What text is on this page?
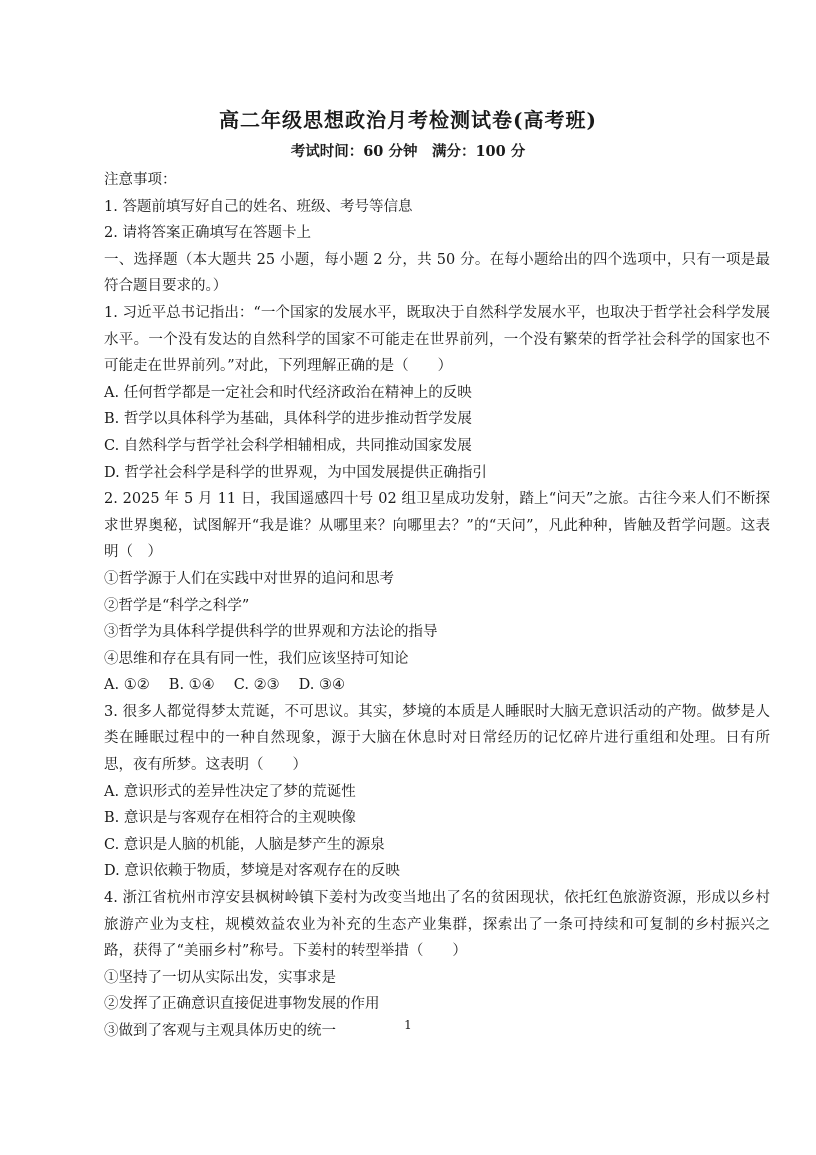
高二年级思想政治月考检测试卷(高考班)
考试时间：60 分钟　满分：100 分
注意事项：
1. 答题前填写好自己的姓名、班级、考号等信息
2. 请将答案正确填写在答题卡上
一、选择题（本大题共 25 小题，每小题 2 分，共 50 分。在每小题给出的四个选项中，只有一项是最符合题目要求的。）
1. 习近平总书记指出：“一个国家的发展水平，既取决于自然科学发展水平，也取决于哲学社会科学发展水平。一个没有发达的自然科学的国家不可能走在世界前列，一个没有繁荣的哲学社会科学的国家也不可能走在世界前列。”对此，下列理解正确的是（　　）
A. 任何哲学都是一定社会和时代经济政治在精神上的反映
B. 哲学以具体科学为基础，具体科学的进步推动哲学发展
C. 自然科学与哲学社会科学相辅相成，共同推动国家发展
D. 哲学社会科学是科学的世界观，为中国发展提供正确指引
2. 2025 年 5 月 11 日，我国遥感四十号 02 组卫星成功发射，踏上“问天”之旅。古往今来人们不断探求世界奥秘，试图解开“我是谁？从哪里来？向哪里去？”的“天问”，凡此种种，皆触及哲学问题。这表明（　）
①哲学源于人们在实践中对世界的追问和思考
②哲学是“科学之科学”
③哲学为具体科学提供科学的世界观和方法论的指导
④思维和存在具有同一性，我们应该坚持可知论
A. ①②　 B. ①④　 C. ②③　 D. ③④
3. 很多人都觉得梦太荒诞，不可思议。其实，梦境的本质是人睡眠时大脑无意识活动的产物。做梦是人类在睡眠过程中的一种自然现象，源于大脑在休息时对日常经历的记忆碎片进行重组和处理。日有所思，夜有所梦。这表明（　　）
A. 意识形式的差异性决定了梦的荒诞性
B. 意识是与客观存在相符合的主观映像
C. 意识是人脑的机能，人脑是梦产生的源泉
D. 意识依赖于物质，梦境是对客观存在的反映
4. 浙江省杭州市淳安县枫树岭镇下姜村为改变当地出了名的贫困现状，依托红色旅游资源，形成以乡村旅游产业为支柱，规模效益农业为补充的生态产业集群，探索出了一条可持续和可复制的乡村振兴之路，获得了“美丽乡村”称号。下姜村的转型举措（　　）
①坚持了一切从实际出发，实事求是
②发挥了正确意识直接促进事物发展的作用
③做到了客观与主观具体历史的统一	1
